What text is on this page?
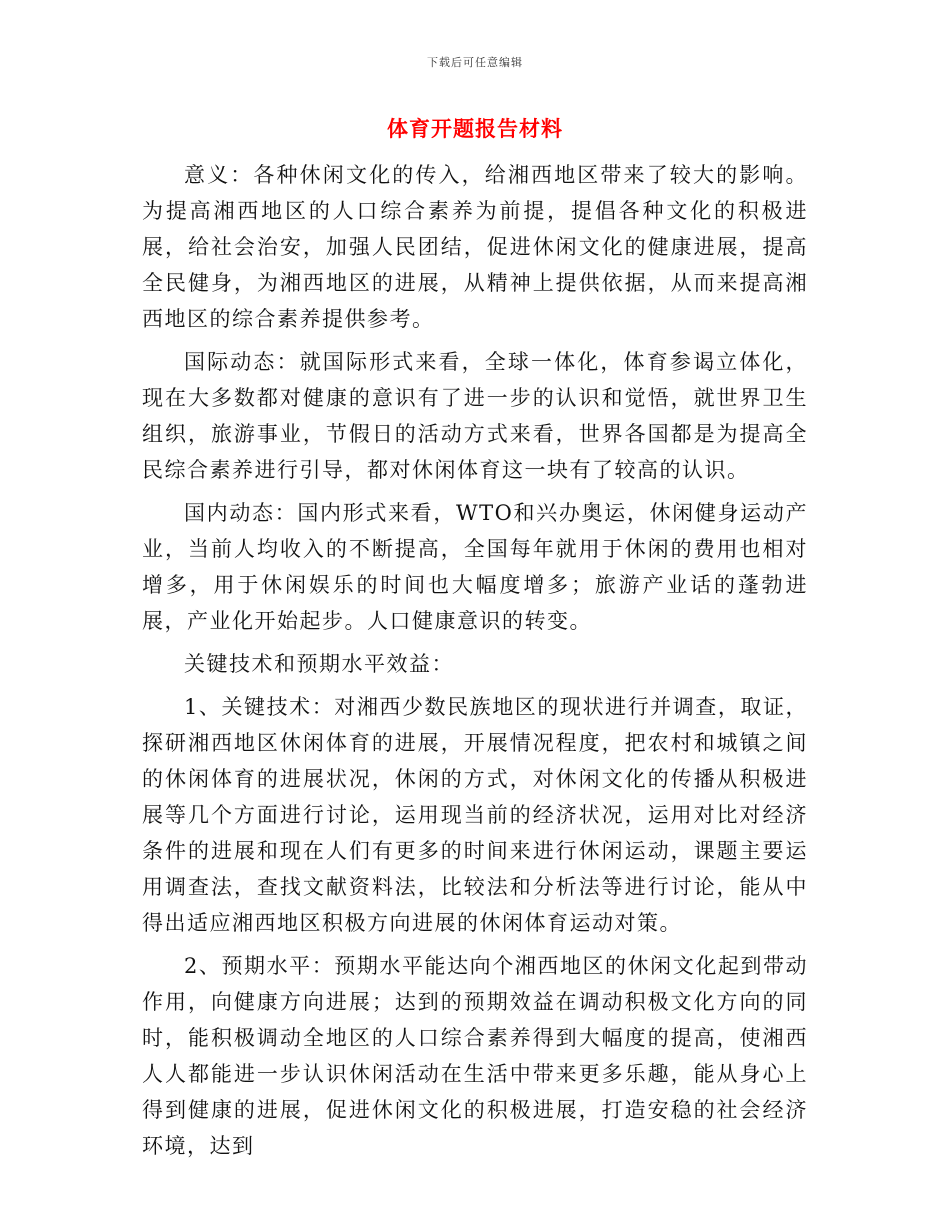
下载后可任意编辑
体育开题报告材料

意义：各种休闲文化的传入，给湘西地区带来了较大的影响。为提高湘西地区的人口综合素养为前提，提倡各种文化的积极进展，给社会治安，加强人民团结，促进休闲文化的健康进展，提高全民健身，为湘西地区的进展，从精神上提供依据，从而来提高湘西地区的综合素养提供参考。

国际动态：就国际形式来看，全球一体化，体育参谒立体化，现在大多数都对健康的意识有了进一步的认识和觉悟，就世界卫生组织，旅游事业，节假日的活动方式来看，世界各国都是为提高全民综合素养进行引导，都对休闲体育这一块有了较高的认识。

国内动态：国内形式来看，WTO和兴办奥运，休闲健身运动产业，当前人均收入的不断提高，全国每年就用于休闲的费用也相对增多，用于休闲娱乐的时间也大幅度增多；旅游产业话的蓬勃进展，产业化开始起步。人口健康意识的转变。

关键技术和预期水平效益：

1、关键技术：对湘西少数民族地区的现状进行并调查，取证，探研湘西地区休闲体育的进展，开展情况程度，把农村和城镇之间的休闲体育的进展状况，休闲的方式，对休闲文化的传播从积极进展等几个方面进行讨论，运用现当前的经济状况，运用对比对经济条件的进展和现在人们有更多的时间来进行休闲运动，课题主要运用调查法，查找文献资料法，比较法和分析法等进行讨论，能从中得出适应湘西地区积极方向进展的休闲体育运动对策。

2、预期水平：预期水平能达向个湘西地区的休闲文化起到带动作用，向健康方向进展；达到的预期效益在调动积极文化方向的同时，能积极调动全地区的人口综合素养得到大幅度的提高，使湘西人人都能进一步认识休闲活动在生活中带来更多乐趣，能从身心上得到健康的进展，促进休闲文化的积极进展，打造安稳的社会经济环境，达到
